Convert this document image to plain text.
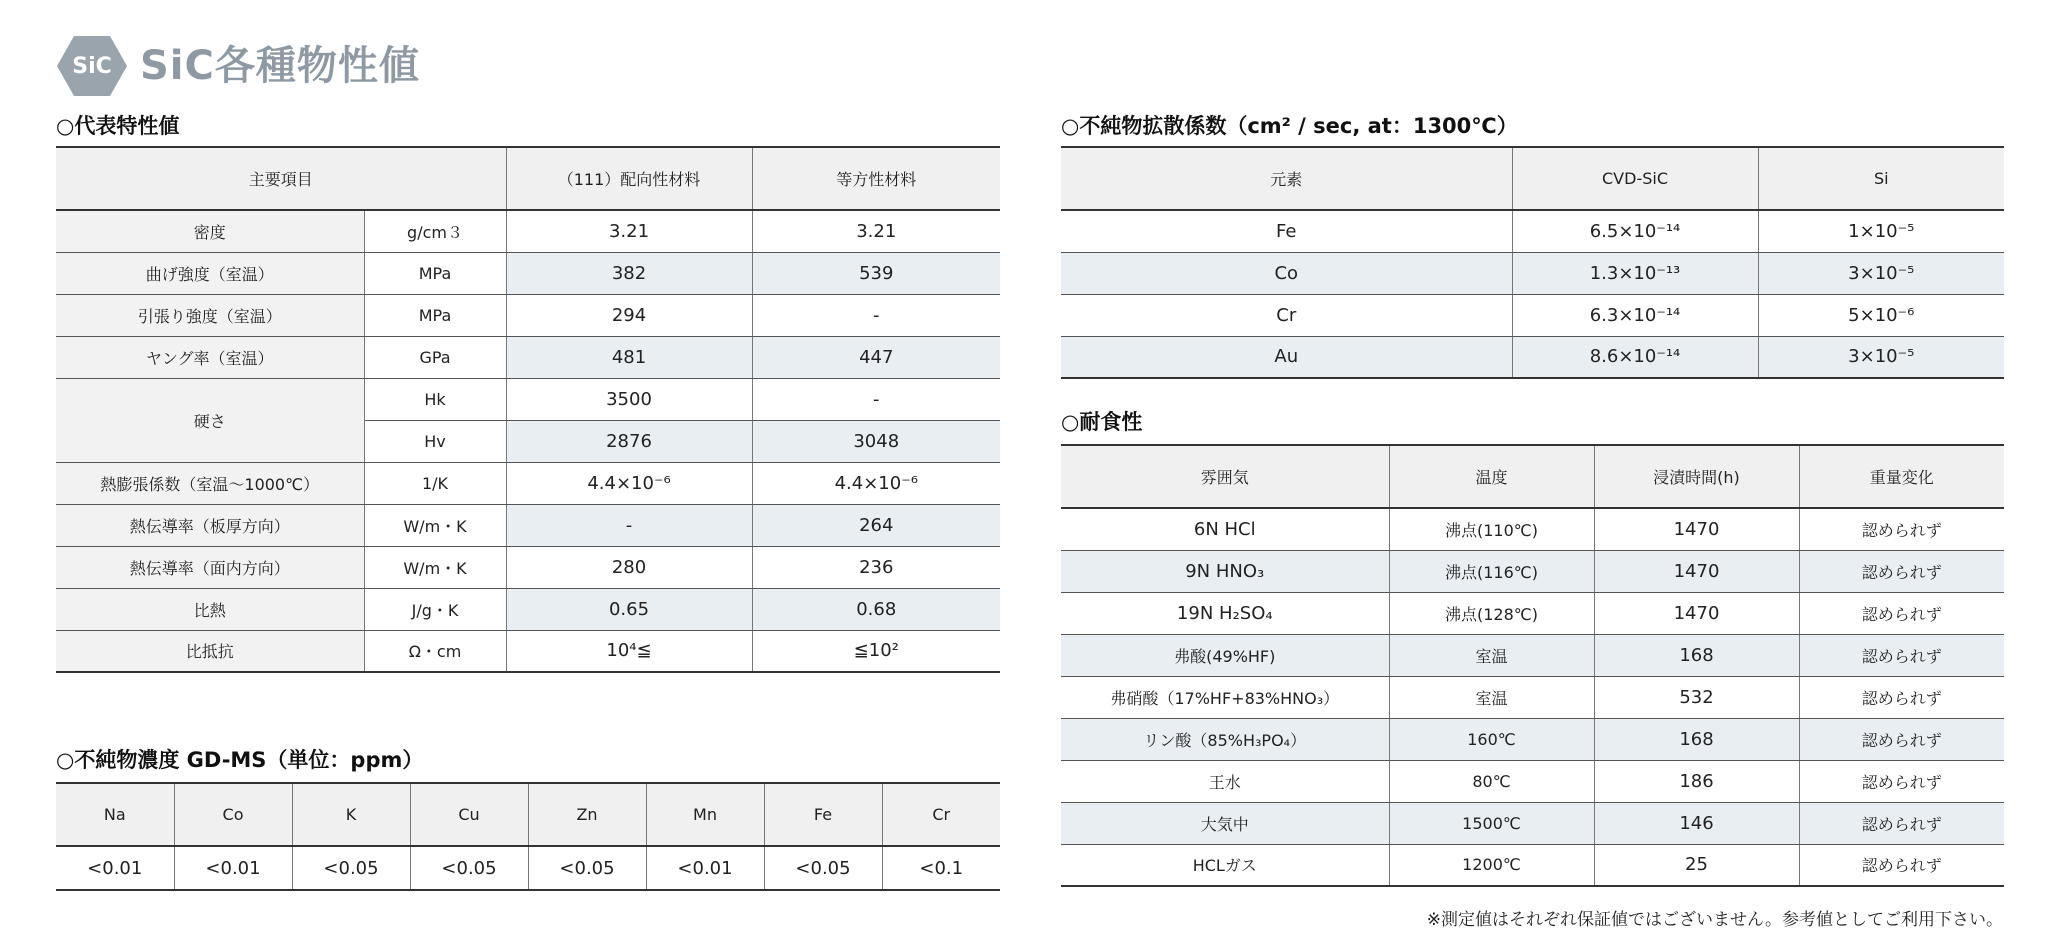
SiC SiC各種物性値
○代表特性値
主要項目		（111）配向性材料	等方性材料
密度	g/cm３	3.21	3.21
曲げ強度（室温）	MPa	382	539
引張り強度（室温）	MPa	294	-
ヤング率（室温）	GPa	481	447
硬さ	Hk	3500	-
	Hv	2876	3048
熱膨張係数（室温〜1000℃）	1/K	4.4×10⁻⁶	4.4×10⁻⁶
熱伝導率（板厚方向）	W/m・K	-	264
熱伝導率（面内方向）	W/m・K	280	236
比熱	J/g・K	0.65	0.68
比抵抗	Ω・cm	10⁴≦	≦10²
○不純物濃度 GD-MS（単位：ppm）
Na	Co	K	Cu	Zn	Mn	Fe	Cr
<0.01	<0.01	<0.05	<0.05	<0.05	<0.01	<0.05	<0.1
○不純物拡散係数（cm² / sec, at：1300℃）
元素	CVD-SiC	Si
Fe	6.5×10⁻¹⁴	1×10⁻⁵
Co	1.3×10⁻¹³	3×10⁻⁵
Cr	6.3×10⁻¹⁴	5×10⁻⁶
Au	8.6×10⁻¹⁴	3×10⁻⁵
○耐食性
雰囲気	温度	浸漬時間(h)	重量変化
6N HCl	沸点(110℃)	1470	認められず
9N HNO₃	沸点(116℃)	1470	認められず
19N H₂SO₄	沸点(128℃)	1470	認められず
弗酸(49%HF)	室温	168	認められず
弗硝酸（17%HF+83%HNO₃）	室温	532	認められず
リン酸（85%H₃PO₄）	160℃	168	認められず
王水	80℃	186	認められず
大気中	1500℃	146	認められず
HCLガス	1200℃	25	認められず
※測定値はそれぞれ保証値ではございません。参考値としてご利用下さい。
